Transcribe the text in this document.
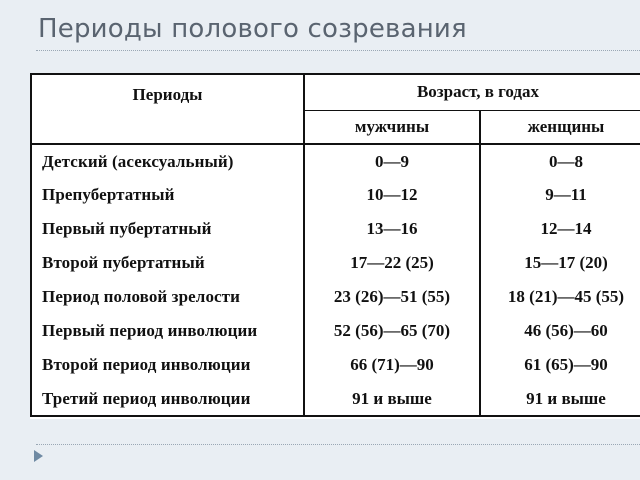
Периоды полового созревания
Периоды	Возраст, в годах	
	мужчины	женщины
Детский (асексуальный)	0—9	0—8
Препубертатный	10—12	9—11
Первый пубертатный	13—16	12—14
Второй пубертатный	17—22 (25)	15—17 (20)
Период половой зрелости	23 (26)—51 (55)	18 (21)—45 (55)
Первый период инволюции	52 (56)—65 (70)	46 (56)—60
Второй период инволюции	66 (71)—90	61 (65)—90
Третий период инволюции	91 и выше	91 и выше
